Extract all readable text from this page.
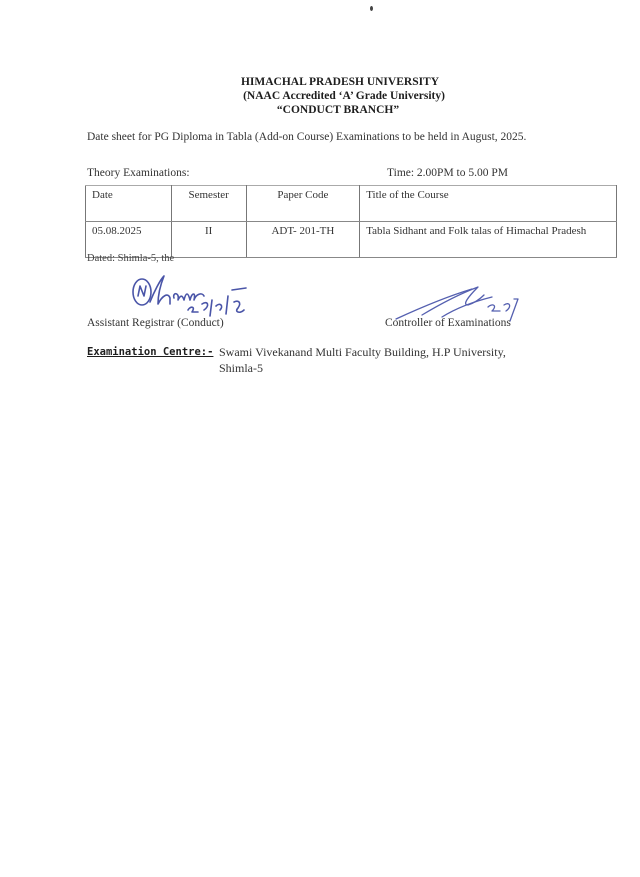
HIMACHAL PRADESH UNIVERSITY
(NAAC Accredited ‘A’ Grade University)
“CONDUCT BRANCH”
Date sheet for PG Diploma in Tabla (Add-on Course) Examinations to be held in August, 2025.
Theory Examinations:	Time: 2.00PM to 5.00 PM
Date	Semester	Paper Code	Title of the Course
05.08.2025	II	ADT- 201-TH	Tabla Sidhant and Folk talas of Himachal Pradesh
Dated: Shimla-5, the
Assistant Registrar (Conduct)	Controller of Examinations
Examination Centre:- Swami Vivekanand Multi Faculty Building, H.P University,
Shimla-5
